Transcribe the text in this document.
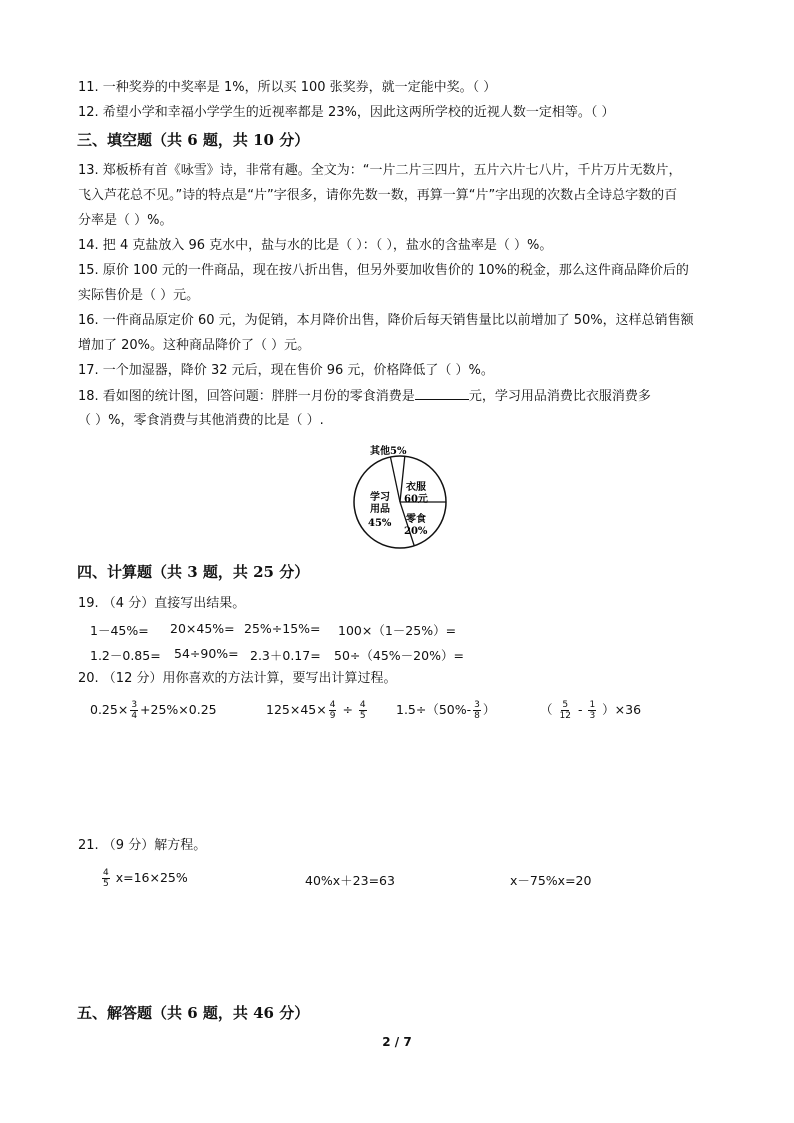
11. 一种奖券的中奖率是 1%，所以买 100 张奖券，就一定能中奖。（ ）
12. 希望小学和幸福小学学生的近视率都是 23%，因此这两所学校的近视人数一定相等。（ ）
三、填空题（共 6 题，共 10 分）
13. 郑板桥有首《咏雪》诗，非常有趣。全文为：“一片二片三四片，五片六片七八片，千片万片无数片，
飞入芦花总不见。”诗的特点是“片”字很多，请你先数一数，再算一算“片”字出现的次数占全诗总字数的百
分率是（ ）%。
14. 把 4 克盐放入 96 克水中，盐与水的比是（ ）：（ ），盐水的含盐率是（ ）%。
15. 原价 100 元的一件商品，现在按八折出售，但另外要加收售价的 10%的税金，那么这件商品降价后的
实际售价是（ ）元。
16. 一件商品原定价 60 元，为促销，本月降价出售，降价后每天销售量比以前增加了 50%，这样总销售额
增加了 20%。这种商品降价了（ ）元。
17. 一个加湿器，降价 32 元后，现在售价 96 元，价格降低了（ ）%。
18. 看如图的统计图，回答问题：胖胖一月份的零食消费是	元，学习用品消费比衣服消费多
（ ）%，零食消费与其他消费的比是（ ）.
其他5%
衣服
60元
学习
用品
45% 零食
20%
四、计算题（共 3 题，共 25 分）
19. （4 分）直接写出结果。
1－45%= 20×45%= 25%÷15%= 100×（1－25%）=
1.2－0.85= 54÷90%= 2.3＋0.17= 50÷（45%－20%）=
20. （12 分）用你喜欢的方法计算，要写出计算过程。
$0.25\times \frac{3}{4} +25\%\times 0.25$	$125\times 45\times \frac{4}{9} \div \frac{4}{5} 1.5\div(50\%- \frac{3}{8}$ ）	（ $\frac{5}{12} - \frac{1}{3} )\times 36$
21. （9 分）解方程。
$\frac{4}{5} x=16\times 25\%$	40%x＋23=63	x－75%x=20
五、解答题（共 6 题，共 46 分）
2 / 7
